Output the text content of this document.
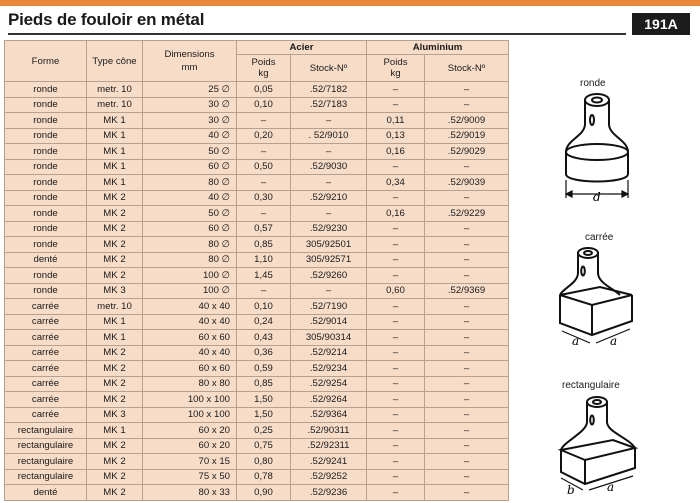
Pieds de fouloir en métal	191A
Forme	Type cône	Dimensions mm	Acier		Aluminium	
			Poids kg	Stock-Nº	Poids kg	Stock-Nº
ronde	metr. 10	25 ∅	0,05	.52/7182	–	–
ronde	metr. 10	30 ∅	0,10	.52/7183	–	–
ronde	MK 1	30 ∅	–	–	0,11	.52/9009
ronde	MK 1	40 ∅	0,20	. 52/9010	0,13	.52/9019
ronde	MK 1	50 ∅	–	–	0,16	.52/9029
ronde	MK 1	60 ∅	0,50	.52/9030	–	–
ronde	MK 1	80 ∅	–	–	0,34	.52/9039
ronde	MK 2	40 ∅	0,30	.52/9210	–	–
ronde	MK 2	50 ∅	–	–	0,16	.52/9229
ronde	MK 2	60 ∅	0,57	.52/9230	–	–
ronde	MK 2	80 ∅	0,85	305/92501	–	–
denté	MK 2	80 ∅	1,10	305/92571	–	–
ronde	MK 2	100 ∅	1,45	.52/9260	–	–
ronde	MK 3	100 ∅	–	–	0,60	.52/9369
carrée	metr. 10	40 x 40	0,10	.52/7190	–	–
carrée	MK 1	40 x 40	0,24	.52/9014	–	–
carrée	MK 1	60 x 60	0,43	305/90314	–	–
carrée	MK 2	40 x 40	0,36	.52/9214	–	–
carrée	MK 2	60 x 60	0,59	.52/9234	–	–
carrée	MK 2	80 x 80	0,85	.52/9254	–	–
carrée	MK 2	100 x 100	1,50	.52/9264	–	–
carrée	MK 3	100 x 100	1,50	.52/9364	–	–
rectangulaire	MK 1	60 x 20	0,25	.52/90311	–	–
rectangulaire	MK 2	60 x 20	0,75	.52/92311	–	–
rectangulaire	MK 2	70 x 15	0,80	.52/9241	–	–
rectangulaire	MK 2	75 x 50	0,78	.52/9252	–	–
denté	MK 2	80 x 33	0,90	.52/9236	–	–
ronde
d
carrée
a	a
rectangulaire
b	a
